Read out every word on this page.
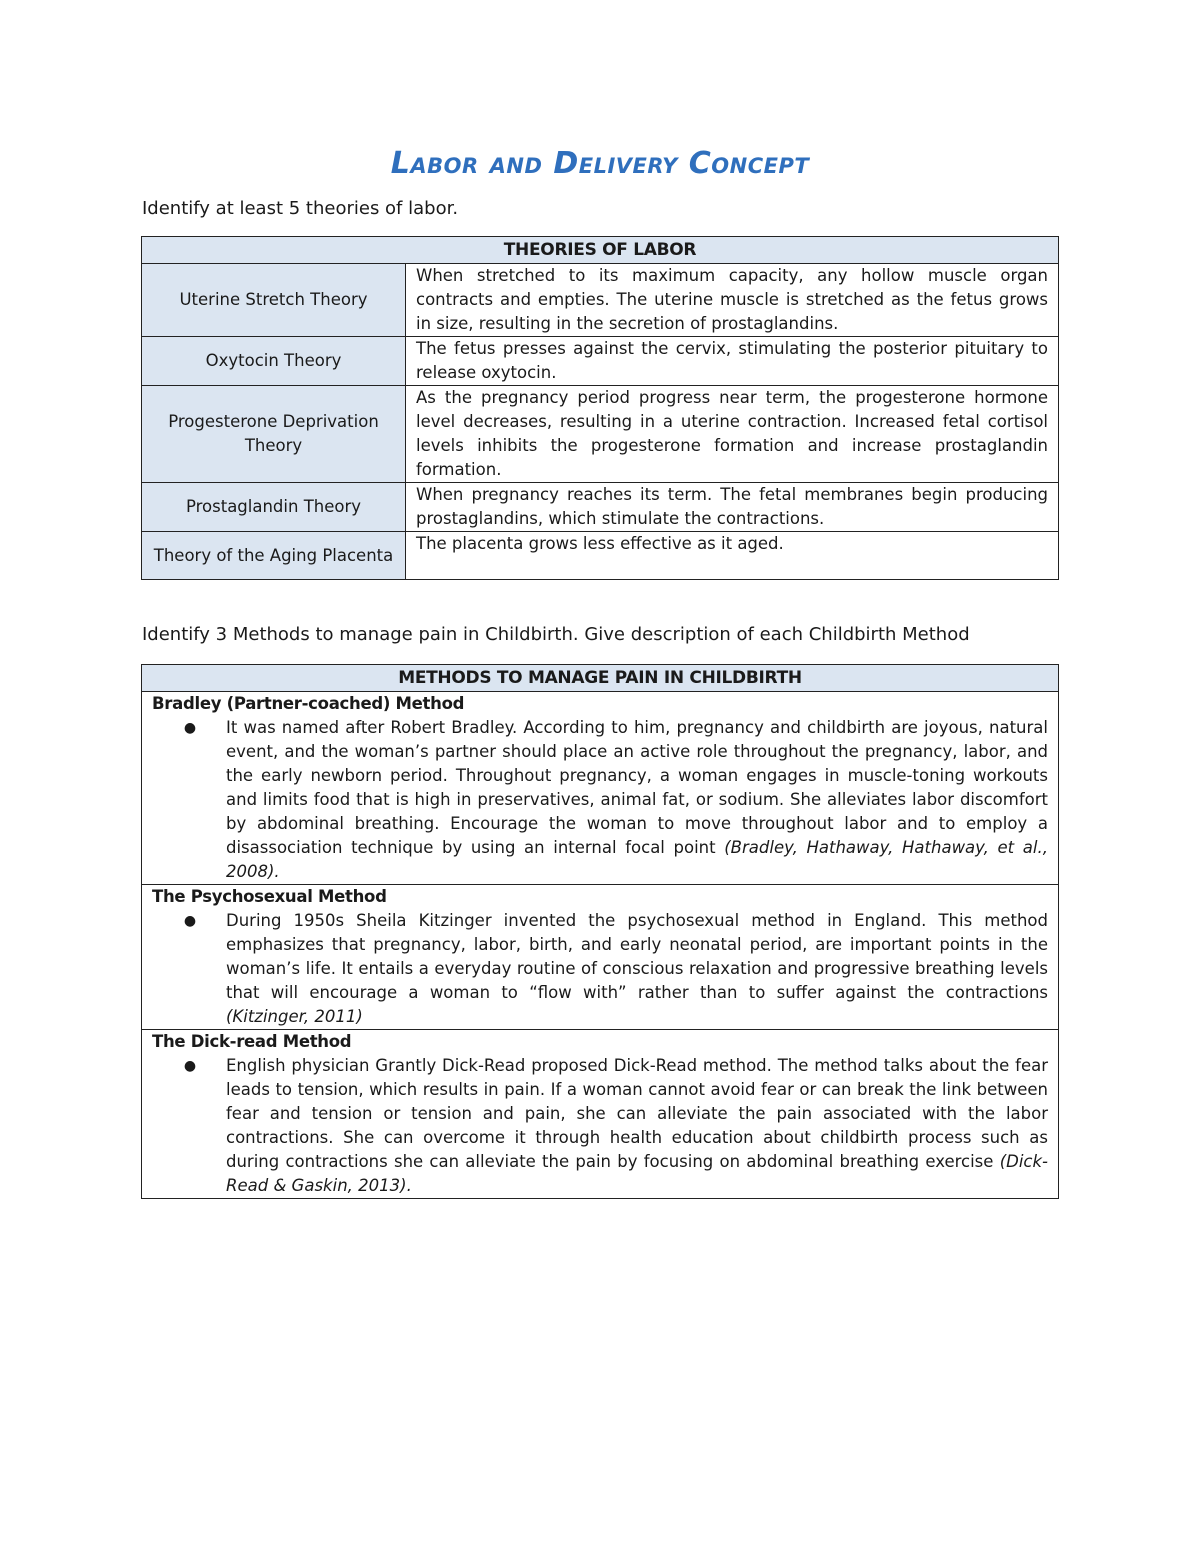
Labor and Delivery Concept

Identify at least 5 theories of labor.

THEORIES OF LABOR	
Uterine Stretch Theory	When stretched to its maximum capacity, any hollow muscle organ contracts and empties. The uterine muscle is stretched as the fetus grows in size, resulting in the secretion of prostaglandins.
Oxytocin Theory	The fetus presses against the cervix, stimulating the posterior pituitary to release oxytocin.
Progesterone Deprivation Theory	As the pregnancy period progress near term, the progesterone hormone level decreases, resulting in a uterine contraction. Increased fetal cortisol levels inhibits the progesterone formation and increase prostaglandin formation.
Prostaglandin Theory	When pregnancy reaches its term. The fetal membranes begin producing prostaglandins, which stimulate the contractions.
Theory of the Aging Placenta	The placenta grows less effective as it aged.

Identify 3 Methods to manage pain in Childbirth. Give description of each Childbirth Method

METHODS TO MANAGE PAIN IN CHILDBIRTH

Bradley (Partner-coached) Method
●	It was named after Robert Bradley. According to him, pregnancy and childbirth are joyous, natural event, and the woman’s partner should place an active role throughout the pregnancy, labor, and the early newborn period. Throughout pregnancy, a woman engages in muscle-toning workouts and limits food that is high in preservatives, animal fat, or sodium. She alleviates labor discomfort by abdominal breathing. Encourage the woman to move throughout labor and to employ a disassociation technique by using an internal focal point (Bradley, Hathaway, Hathaway, et al., 2008).

The Psychosexual Method
●	During 1950s Sheila Kitzinger invented the psychosexual method in England. This method emphasizes that pregnancy, labor, birth, and early neonatal period, are important points in the woman’s life. It entails a everyday routine of conscious relaxation and progressive breathing levels that will encourage a woman to “flow with” rather than to suffer against the contractions (Kitzinger, 2011)

The Dick-read Method
●	English physician Grantly Dick-Read proposed Dick-Read method. The method talks about the fear leads to tension, which results in pain. If a woman cannot avoid fear or can break the link between fear and tension or tension and pain, she can alleviate the pain associated with the labor contractions. She can overcome it through health education about childbirth process such as during contractions she can alleviate the pain by focusing on abdominal breathing exercise (Dick-Read & Gaskin, 2013).
